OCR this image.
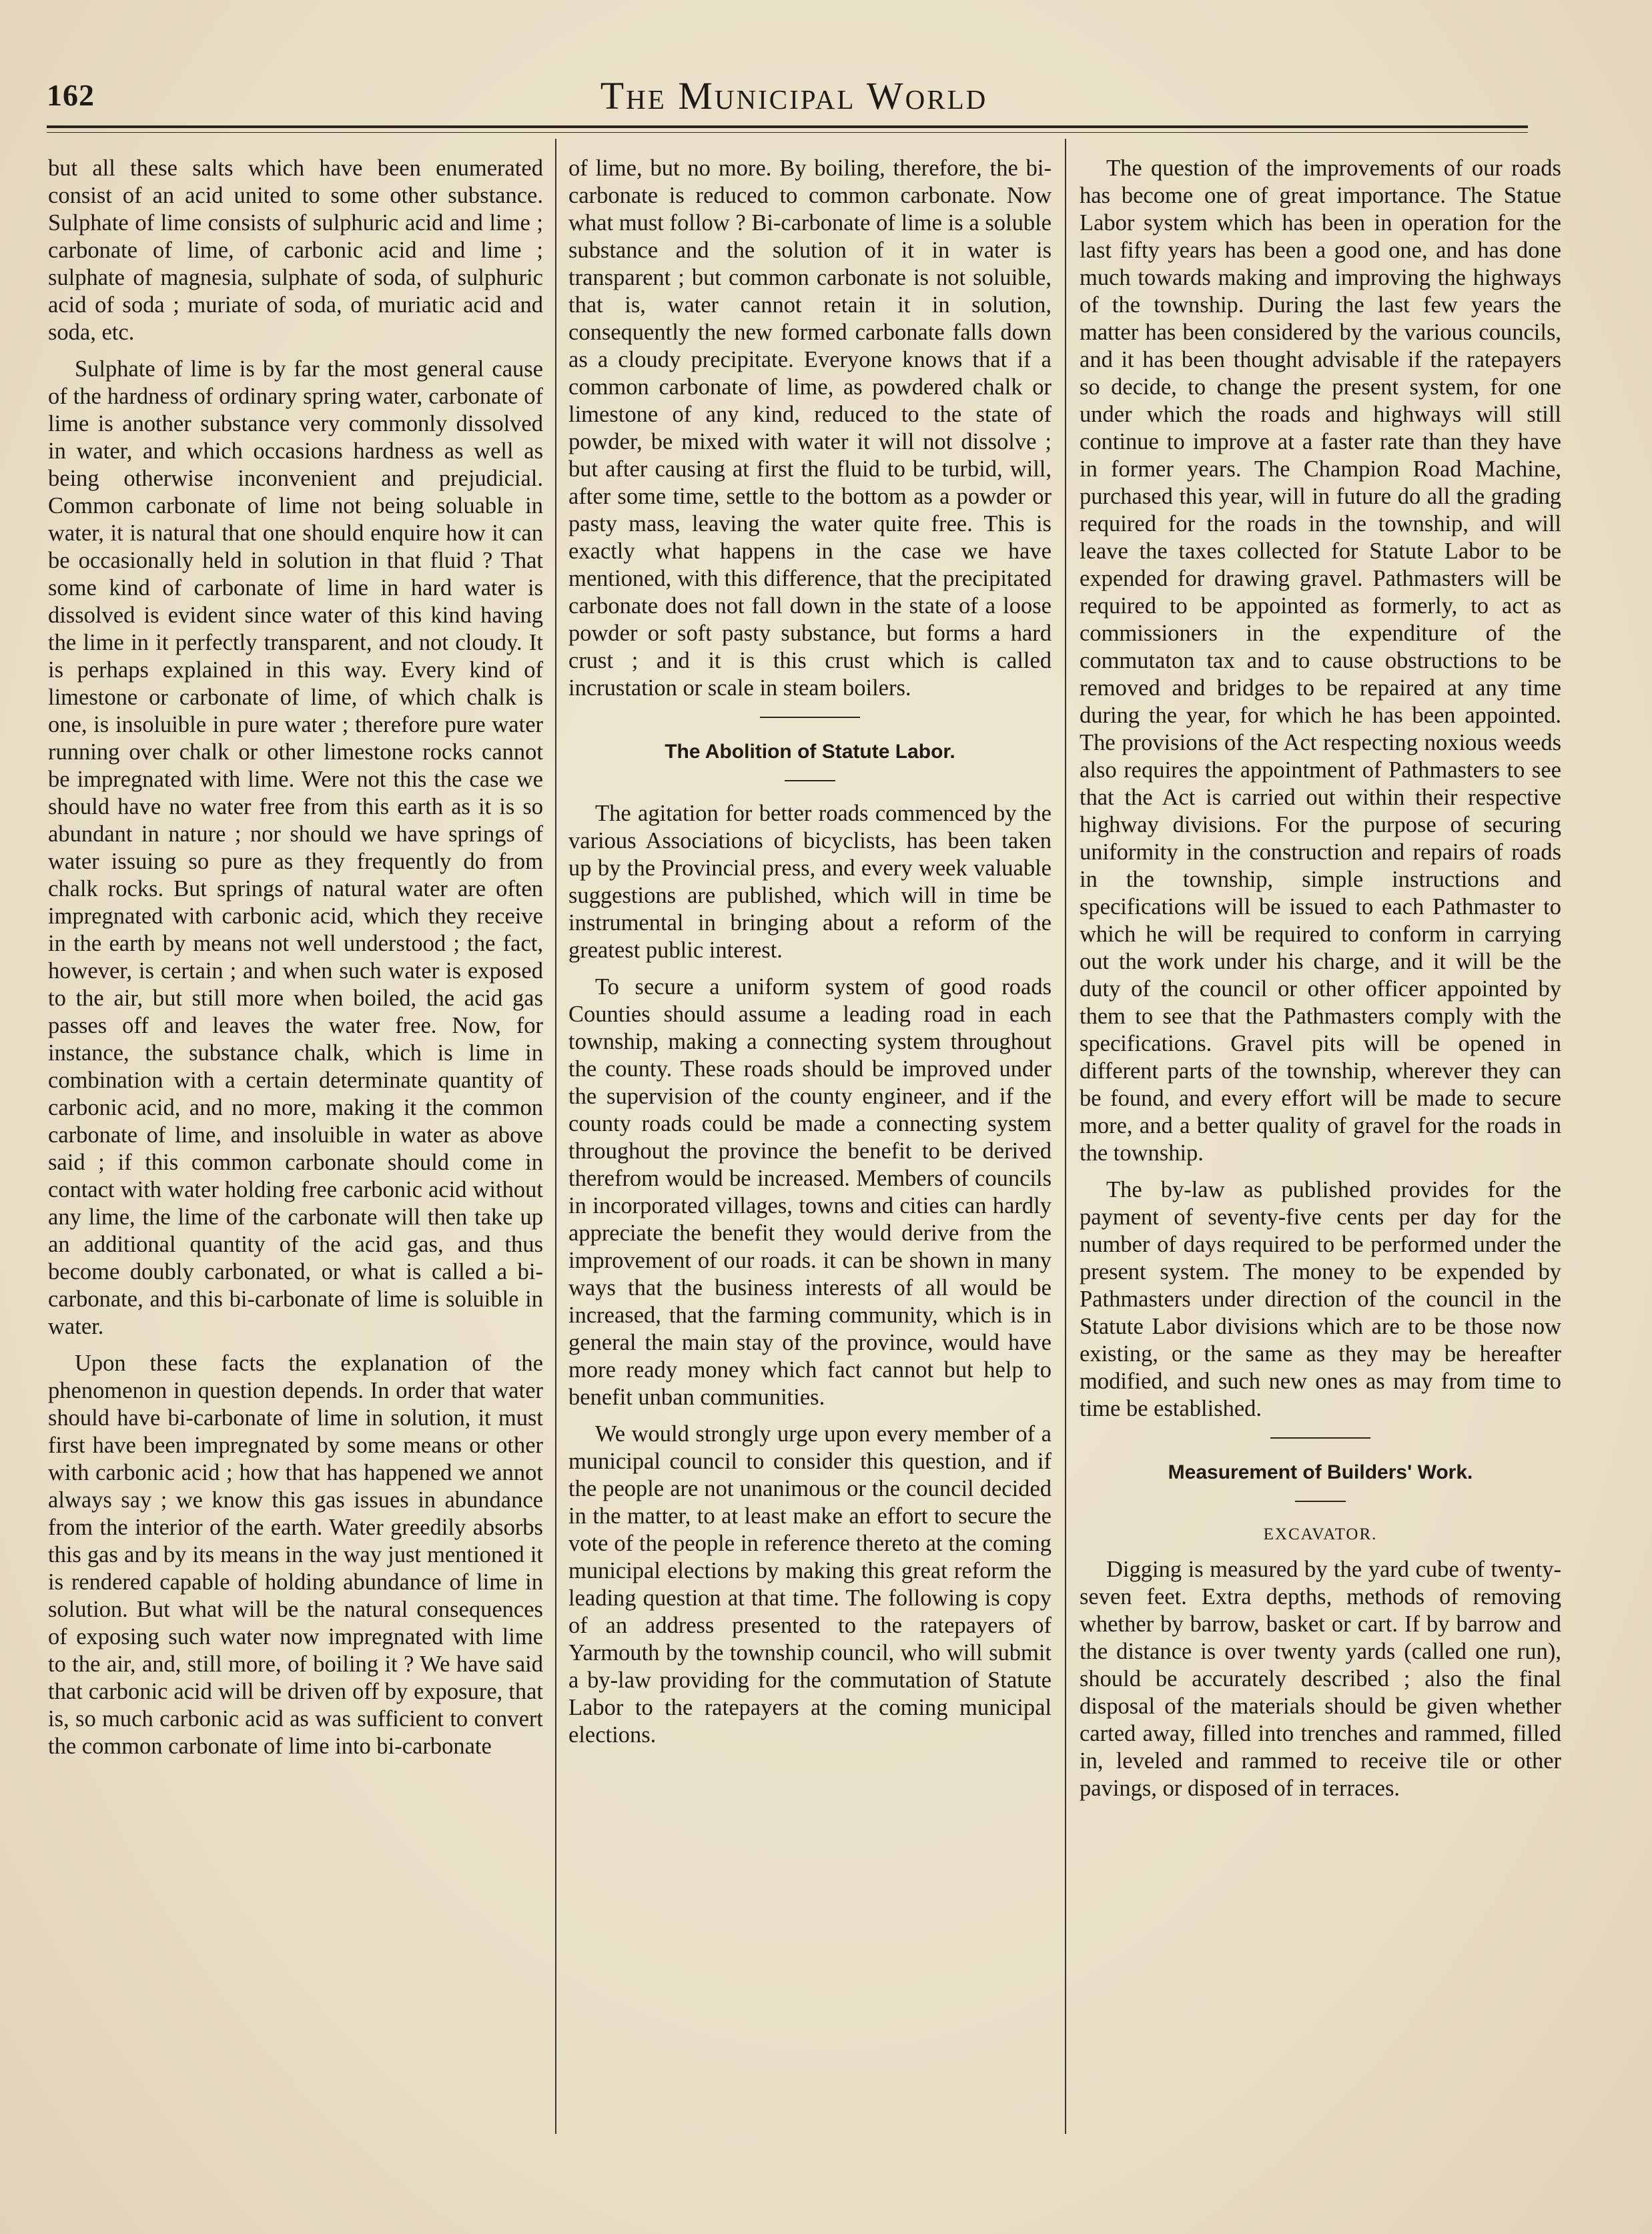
162	The Municipal World

but all these salts which have been enumerated consist of an acid united to some other substance. Sulphate of lime consists of sulphuric acid and lime ; carbonate of lime, of carbonic acid and lime ; sulphate of magnesia, sulphate of soda, of sulphuric acid of soda ; muriate of soda, of muriatic acid and soda, etc.

Sulphate of lime is by far the most general cause of the hardness of ordinary spring water, carbonate of lime is another substance very commonly dissolved in water, and which occasions hardness as well as being otherwise inconvenient and prejudicial. Common carbonate of lime not being soluable in water, it is natural that one should enquire how it can be occasionally held in solution in that fluid ? That some kind of carbonate of lime in hard water is dissolved is evident since water of this kind having the lime in it perfectly transparent, and not cloudy. It is perhaps explained in this way. Every kind of limestone or carbonate of lime, of which chalk is one, is insoluible in pure water ; therefore pure water running over chalk or other limestone rocks cannot be impregnated with lime. Were not this the case we should have no water free from this earth as it is so abundant in nature ; nor should we have springs of water issuing so pure as they frequently do from chalk rocks. But springs of natural water are often impregnated with carbonic acid, which they receive in the earth by means not well understood ; the fact, however, is certain ; and when such water is exposed to the air, but still more when boiled, the acid gas passes off and leaves the water free. Now, for instance, the substance chalk, which is lime in combination with a certain determinate quantity of carbonic acid, and no more, making it the common carbonate of lime, and insoluible in water as above said ; if this common carbonate should come in contact with water holding free carbonic acid without any lime, the lime of the carbonate will then take up an additional quantity of the acid gas, and thus become doubly carbonated, or what is called a bi-carbonate, and this bi-carbonate of lime is soluible in water.

Upon these facts the explanation of the phenomenon in question depends. In order that water should have bi-carbonate of lime in solution, it must first have been impregnated by some means or other with carbonic acid ; how that has happened we annot always say ; we know this gas issues in abundance from the interior of the earth. Water greedily absorbs this gas and by its means in the way just mentioned it is rendered capable of holding abundance of lime in solution. But what will be the natural consequences of exposing such water now impregnated with lime to the air, and, still more, of boiling it ? We have said that carbonic acid will be driven off by exposure, that is, so much carbonic acid as was sufficient to convert the common carbonate of lime into bi-carbonate

of lime, but no more. By boiling, therefore, the bi-carbonate is reduced to common carbonate. Now what must follow ? Bi-carbonate of lime is a soluble substance and the solution of it in water is transparent ; but common carbonate is not soluible, that is, water cannot retain it in solution, consequently the new formed carbonate falls down as a cloudy precipitate. Everyone knows that if a common carbonate of lime, as powdered chalk or limestone of any kind, reduced to the state of powder, be mixed with water it will not dissolve ; but after causing at first the fluid to be turbid, will, after some time, settle to the bottom as a powder or pasty mass, leaving the water quite free. This is exactly what happens in the case we have mentioned, with this difference, that the precipitated carbonate does not fall down in the state of a loose powder or soft pasty substance, but forms a hard crust ; and it is this crust which is called incrustation or scale in steam boilers.

The Abolition of Statute Labor.

The agitation for better roads commenced by the various Associations of bicyclists, has been taken up by the Provincial press, and every week valuable suggestions are published, which will in time be instrumental in bringing about a reform of the greatest public interest.

To secure a uniform system of good roads Counties should assume a leading road in each township, making a connecting system throughout the county. These roads should be improved under the supervision of the county engineer, and if the county roads could be made a connecting system throughout the province the benefit to be derived therefrom would be increased. Members of councils in incorporated villages, towns and cities can hardly appreciate the benefit they would derive from the improvement of our roads. it can be shown in many ways that the business interests of all would be increased, that the farming community, which is in general the main stay of the province, would have more ready money which fact cannot but help to benefit unban communities.

We would strongly urge upon every member of a municipal council to consider this question, and if the people are not unanimous or the council decided in the matter, to at least make an effort to secure the vote of the people in reference thereto at the coming municipal elections by making this great reform the leading question at that time. The following is copy of an address presented to the ratepayers of Yarmouth by the township council, who will submit a by-law providing for the commutation of Statute Labor to the ratepayers at the coming municipal elections.

The question of the improvements of our roads has become one of great importance. The Statue Labor system which has been in operation for the last fifty years has been a good one, and has done much towards making and improving the highways of the township. During the last few years the matter has been considered by the various councils, and it has been thought advisable if the ratepayers so decide, to change the present system, for one under which the roads and highways will still continue to improve at a faster rate than they have in former years. The Champion Road Machine, purchased this year, will in future do all the grading required for the roads in the township, and will leave the taxes collected for Statute Labor to be expended for drawing gravel. Pathmasters will be required to be appointed as formerly, to act as commissioners in the expenditure of the commutaton tax and to cause obstructions to be removed and bridges to be repaired at any time during the year, for which he has been appointed. The provisions of the Act respecting noxious weeds also requires the appointment of Pathmasters to see that the Act is carried out within their respective highway divisions. For the purpose of securing uniformity in the construction and repairs of roads in the township, simple instructions and specifications will be issued to each Pathmaster to which he will be required to conform in carrying out the work under his charge, and it will be the duty of the council or other officer appointed by them to see that the Pathmasters comply with the specifications. Gravel pits will be opened in different parts of the township, wherever they can be found, and every effort will be made to secure more, and a better quality of gravel for the roads in the township.

The by-law as published provides for the payment of seventy-five cents per day for the number of days required to be performed under the present system. The money to be expended by Pathmasters under direction of the council in the Statute Labor divisions which are to be those now existing, or the same as they may be hereafter modified, and such new ones as may from time to time be established.

Measurement of Builders' Work.
EXCAVATOR.

Digging is measured by the yard cube of twenty-seven feet. Extra depths, methods of removing whether by barrow, basket or cart. If by barrow and the distance is over twenty yards (called one run), should be accurately described ; also the final disposal of the materials should be given whether carted away, filled into trenches and rammed, filled in, leveled and rammed to receive tile or other pavings, or disposed of in terraces.
